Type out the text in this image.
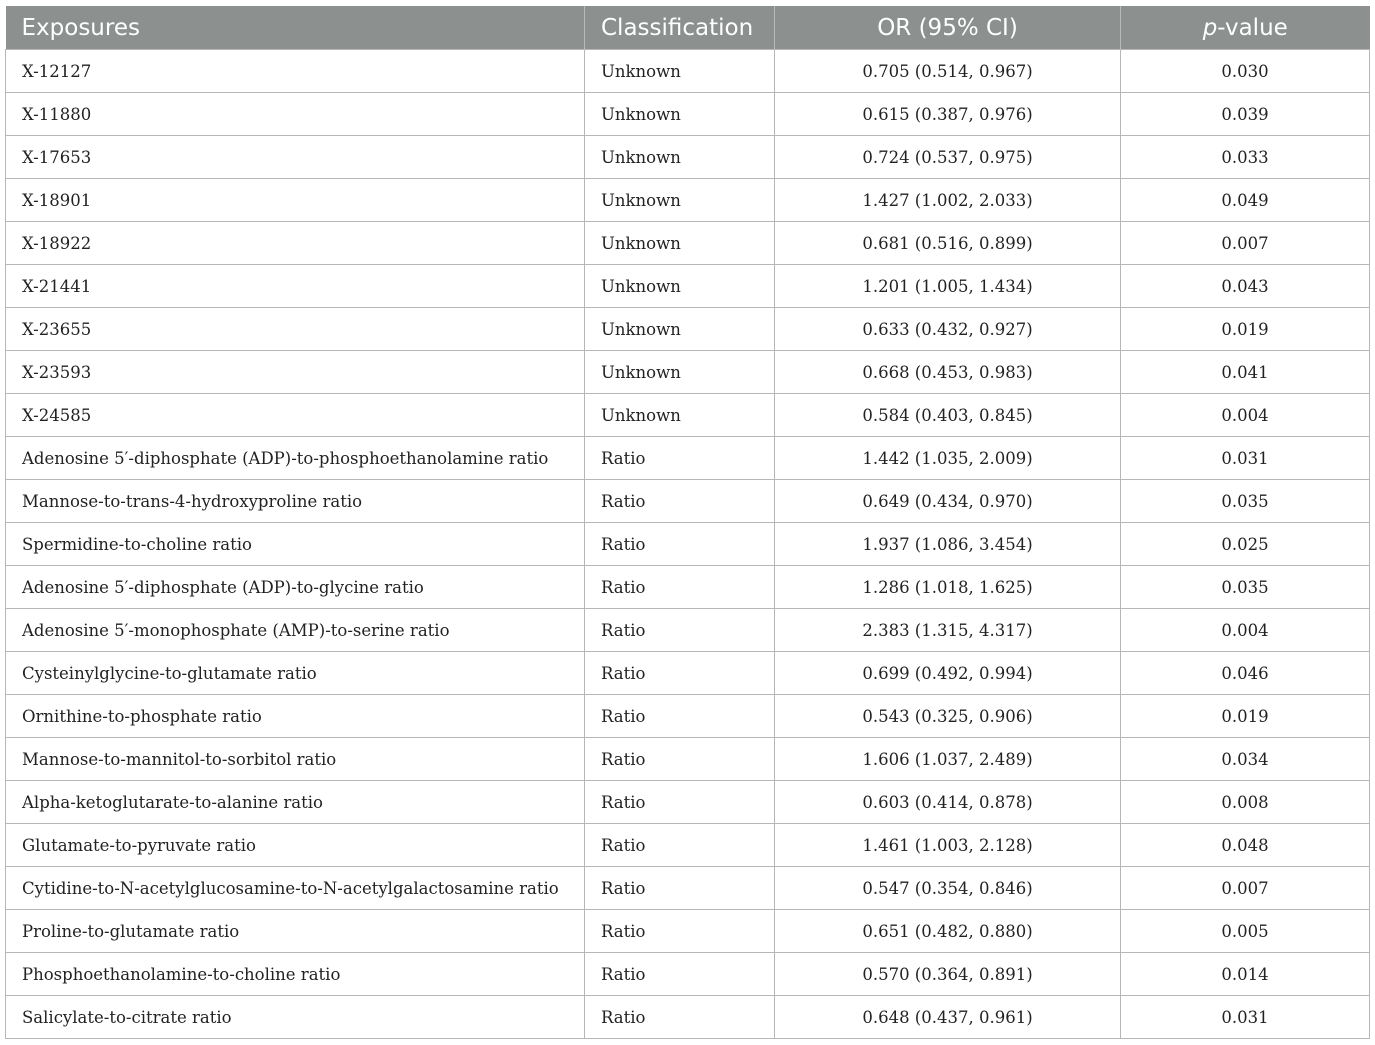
Exposures	Classification	OR (95% CI)	p-value
X-12127	Unknown	0.705 (0.514, 0.967)	0.030
X-11880	Unknown	0.615 (0.387, 0.976)	0.039
X-17653	Unknown	0.724 (0.537, 0.975)	0.033
X-18901	Unknown	1.427 (1.002, 2.033)	0.049
X-18922	Unknown	0.681 (0.516, 0.899)	0.007
X-21441	Unknown	1.201 (1.005, 1.434)	0.043
X-23655	Unknown	0.633 (0.432, 0.927)	0.019
X-23593	Unknown	0.668 (0.453, 0.983)	0.041
X-24585	Unknown	0.584 (0.403, 0.845)	0.004
Adenosine 5′-diphosphate (ADP)-to-phosphoethanolamine ratio	Ratio	1.442 (1.035, 2.009)	0.031
Mannose-to-trans-4-hydroxyproline ratio	Ratio	0.649 (0.434, 0.970)	0.035
Spermidine-to-choline ratio	Ratio	1.937 (1.086, 3.454)	0.025
Adenosine 5′-diphosphate (ADP)-to-glycine ratio	Ratio	1.286 (1.018, 1.625)	0.035
Adenosine 5′-monophosphate (AMP)-to-serine ratio	Ratio	2.383 (1.315, 4.317)	0.004
Cysteinylglycine-to-glutamate ratio	Ratio	0.699 (0.492, 0.994)	0.046
Ornithine-to-phosphate ratio	Ratio	0.543 (0.325, 0.906)	0.019
Mannose-to-mannitol-to-sorbitol ratio	Ratio	1.606 (1.037, 2.489)	0.034
Alpha-ketoglutarate-to-alanine ratio	Ratio	0.603 (0.414, 0.878)	0.008
Glutamate-to-pyruvate ratio	Ratio	1.461 (1.003, 2.128)	0.048
Cytidine-to-N-acetylglucosamine-to-N-acetylgalactosamine ratio	Ratio	0.547 (0.354, 0.846)	0.007
Proline-to-glutamate ratio	Ratio	0.651 (0.482, 0.880)	0.005
Phosphoethanolamine-to-choline ratio	Ratio	0.570 (0.364, 0.891)	0.014
Salicylate-to-citrate ratio	Ratio	0.648 (0.437, 0.961)	0.031
